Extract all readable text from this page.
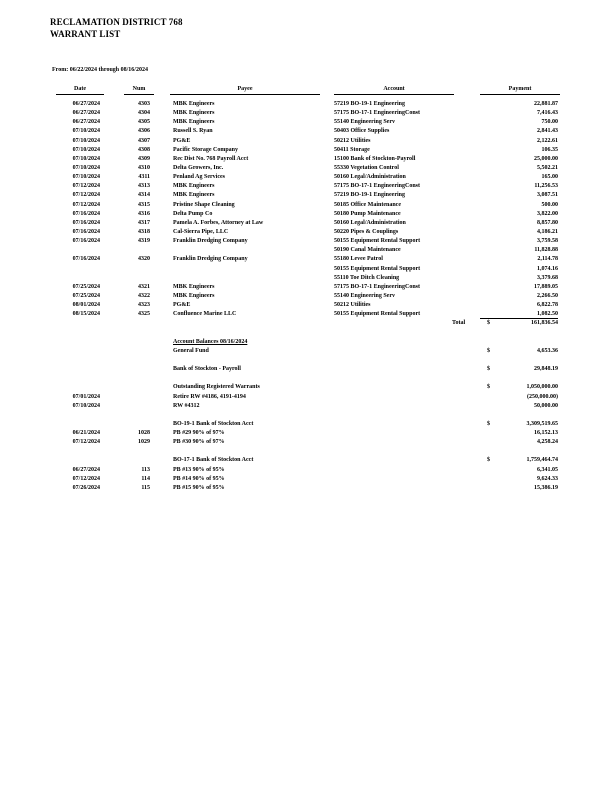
RECLAMATION DISTRICT 768
WARRANT LIST
From: 06/22/2024 through 08/16/2024
Date	Num	Payee	Account	Payment
06/27/2024	4303	MBK Engineers	57219 BO-19-1 Engineering	22,881.87
06/27/2024	4304	MBK Engineers	57175 BO-17-1 EngineeringConst	7,416.43
06/27/2024	4305	MBK Engineers	55140 Engineering Serv	750.00
07/10/2024	4306	Russell S. Ryan	50403 Office Supplies	2,841.43
07/10/2024	4307	PG&E	50212 Utilities	2,122.61
07/10/2024	4308	Pacific Storage Company	50411 Storage	106.35
07/10/2024	4309	Rec Dist No. 768 Payroll Acct	15100 Bank of Stockton-Payroll	25,000.00
07/10/2024	4310	Delta Growers, Inc.	55330 Vegetation Control	5,502.21
07/10/2024	4311	Penland Ag Services	50160 Legal/Administration	165.00
07/12/2024	4313	MBK Engineers	57175 BO-17-1 EngineeringConst	11,256.53
07/12/2024	4314	MBK Engineers	57219 BO-19-1 Engineering	3,087.51
07/12/2024	4315	Pristine Shape Cleaning	50185 Office Maintenance	500.00
07/16/2024	4316	Delta Pump Co	50180 Pump Maintenance	3,822.00
07/16/2024	4317	Pamela A. Forbes, Attorney at Law	50160 Legal/Administration	8,857.80
07/16/2024	4318	Cal-Sierra Pipe, LLC	50220 Pipes & Couplings	4,186.21
07/16/2024	4319	Franklin Dredging Company	50155 Equipment Rental Support	3,759.58
50190 Canal Maintenance	11,828.88
07/16/2024	4320	Franklin Dredging Company	55180 Levee Patrol	2,114.78
50155 Equipment Rental Support	1,074.16
55110 Toe Ditch Cleaning	3,379.68
07/25/2024	4321	MBK Engineers	57175 BO-17-1 EngineeringConst	17,889.05
07/25/2024	4322	MBK Engineers	55140 Engineering Serv	2,266.50
08/01/2024	4323	PG&E	50212 Utilities	6,822.78
08/15/2024	4325	Confluence Marine LLC	50155 Equipment Rental Support	1,082.50
Total	$	161,836.54
Account Balances 08/16/2024
General Fund	$	4,653.36
Bank of Stockton - Payroll	$	29,848.19
Outstanding Registered Warrants	$	1,050,000.00
07/01/2024	Retire RW #4186, 4191-4194	(250,000.00)
07/10/2024	RW #4312	50,000.00
BO-19-1 Bank of Stockton Acct	$	3,309,519.65
06/21/2024	1028	PB #29 90% of 97%	16,152.13
07/12/2024	1029	PB #30 90% of 97%	4,258.24
BO-17-1 Bank of Stockton Acct	$	1,759,464.74
06/27/2024	113	PB #13 90% of 95%	6,341.05
07/12/2024	114	PB #14 90% of 95%	9,624.33
07/26/2024	115	PB #15 90% of 95%	15,386.19
